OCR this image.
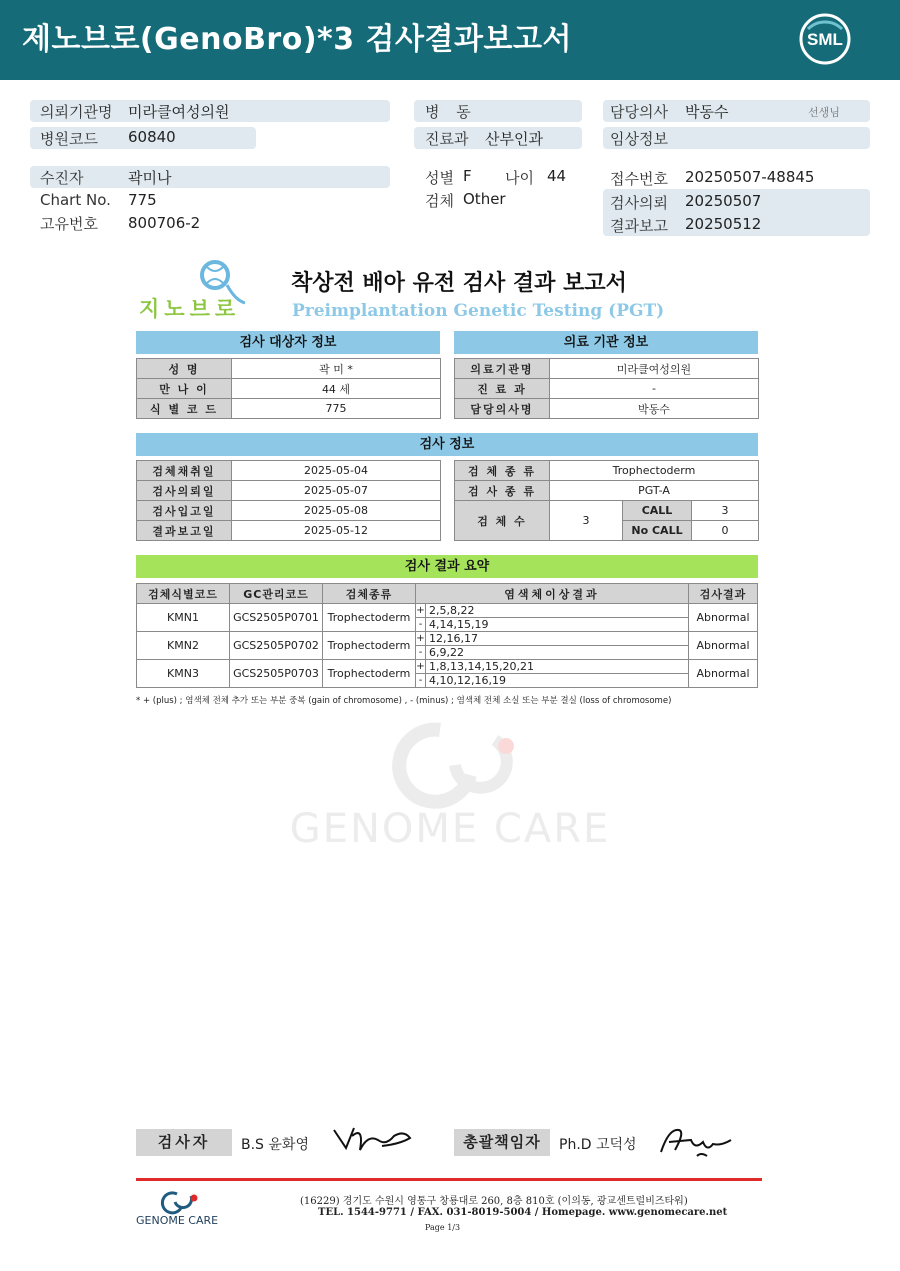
제노브로(GenoBro)*3 검사결과보고서	SML
의뢰기관명 미라클여성의원
병원코드 60840
수진자	곽미나
Chart No. 775
고유번호 800706-2
병 동
진료과 산부인과
성별 F 나이 44
검체 Other
담당의사 박동수	선생님
임상정보
접수번호 20250507-48845
검사의뢰 20250507
결과보고 20250512
GENOME CARE
지노브로
착상전 배아 유전 검사 결과 보고서
Preimplantation Genetic Testing (PGT)
검사 대상자 정보	의료 기관 정보
성 명	곽 미 *
만 나 이	44 세
식 별 코 드	775
의료기관명	미라클여성의원
진 료 과	-
담당의사명	박동수
검사 정보
검체채취일	2025-05-04
검사의뢰일	2025-05-07
검사입고일	2025-05-08
결과보고일	2025-05-12
검 체 종 류	Trophectoderm		
검 사 종 류	PGT-A		
검 체 수	3	CALL	3
		No CALL	0
검사 결과 요약
검체식별코드	GC관리코드	검체종류	염색체이상결과		검사결과
KMN1	GCS2505P0701	Trophectoderm	+	2,5,8,22	Abnormal
			-	4,14,15,19	
KMN2	GCS2505P0702	Trophectoderm	+	12,16,17	Abnormal
			-	6,9,22	
KMN3	GCS2505P0703	Trophectoderm	+	1,8,13,14,15,20,21	Abnormal
			-	4,10,12,16,19	
* + (plus) ; 염색체 전체 추가 또는 부분 중복 (gain of chromosome) , - (minus) ; 염색체 전체 소실 또는 부분 결실 (loss of chromosome)
검사자	B.S 윤화영	총괄책임자	Ph.D 고덕성
GENOME CARE
(16229) 경기도 수원시 영통구 창룡대로 260, 8층 810호 (이의동, 광교센트럴비즈타워)
TEL. 1544-9771 / FAX. 031-8019-5004 / Homepage. www.genomecare.net
Page 1/3
